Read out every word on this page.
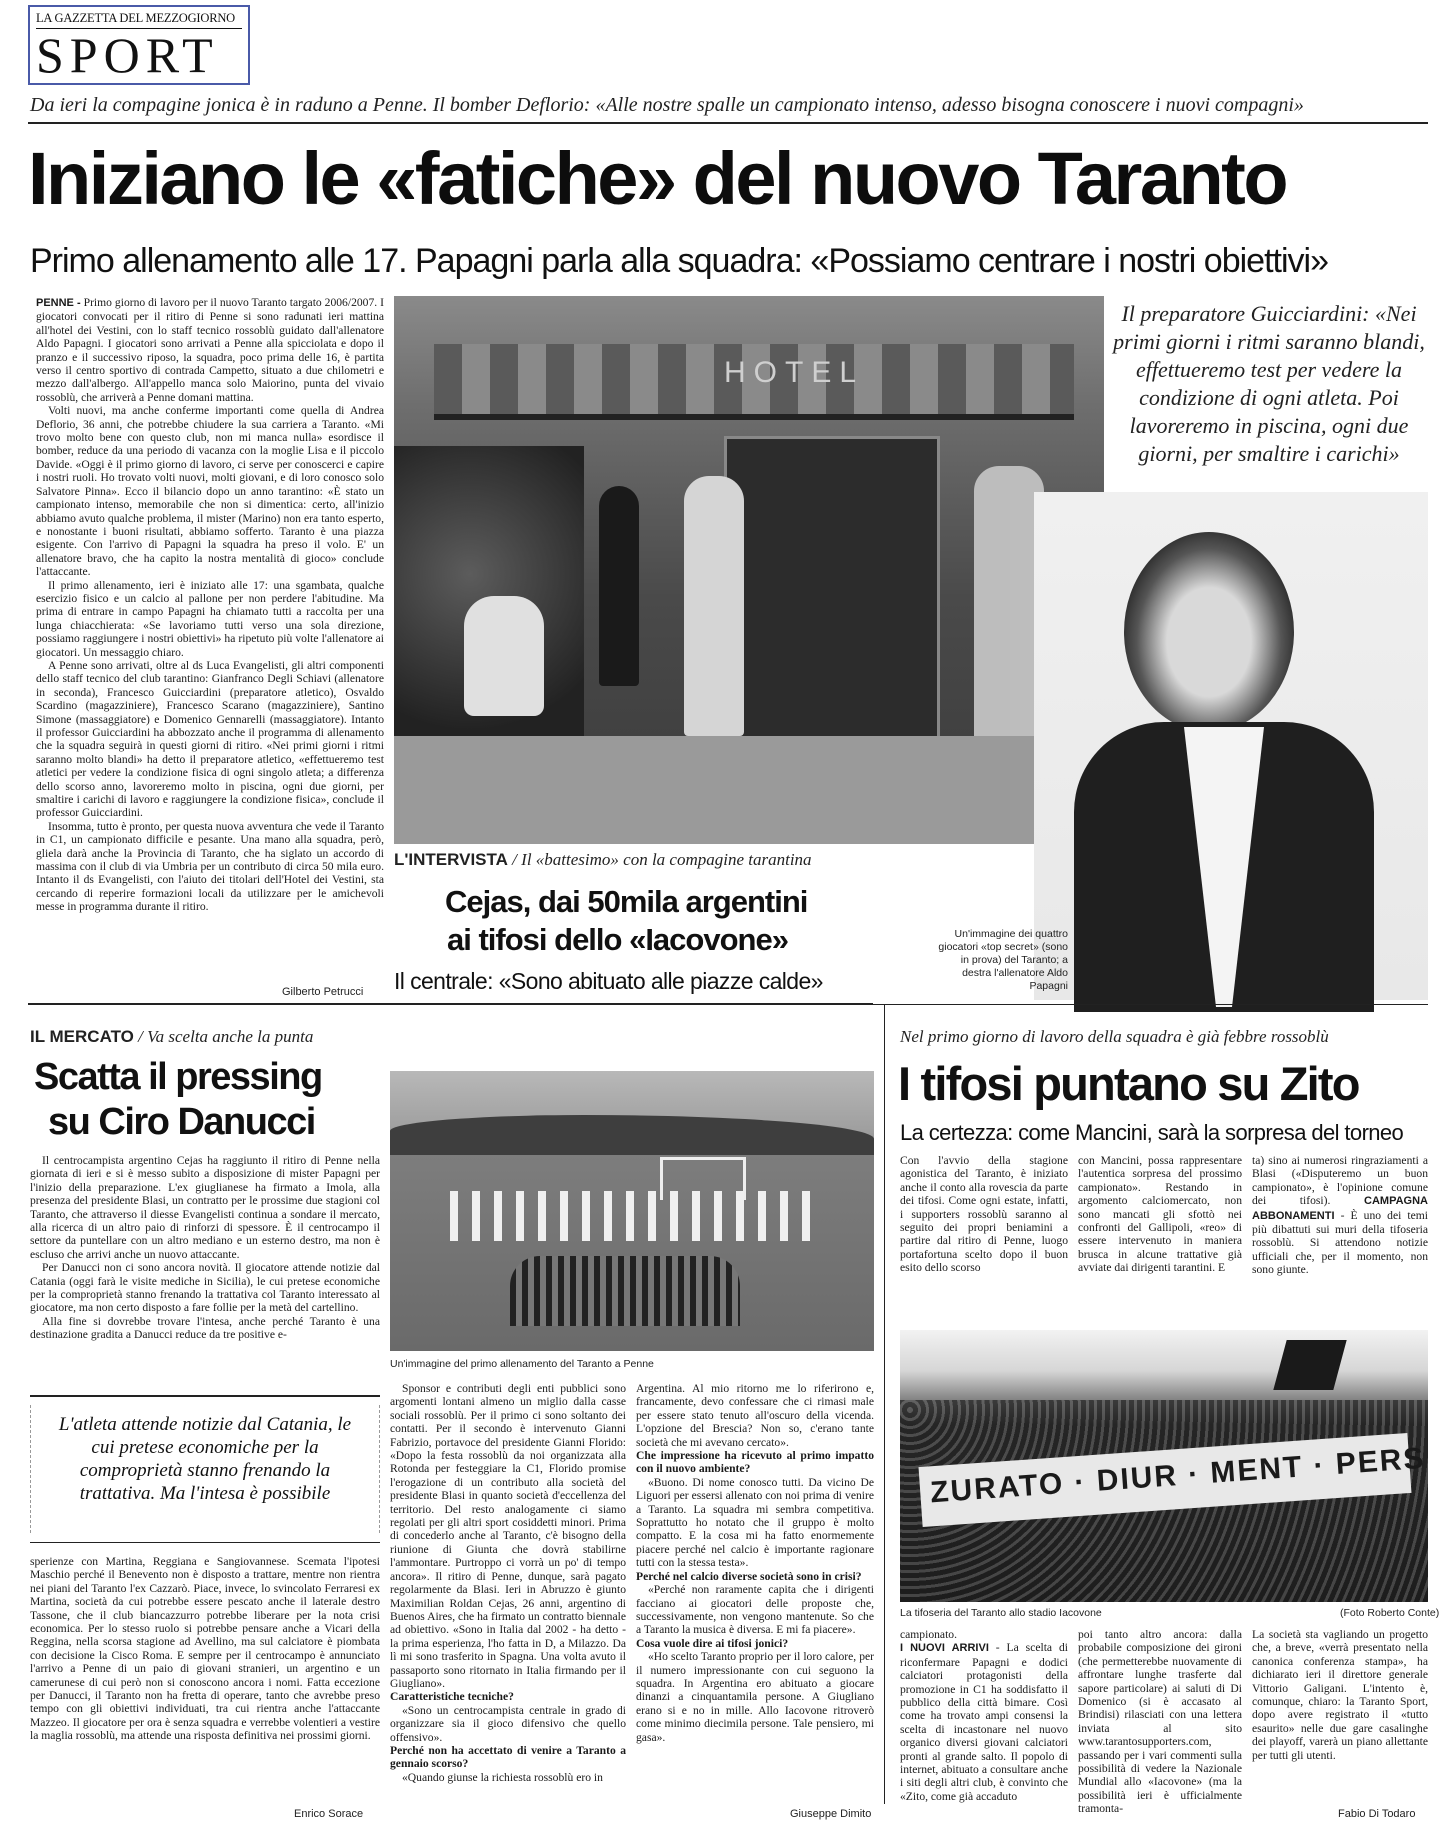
LA GAZZETTA DEL MEZZOGIORNO
SPORT
Da ieri la compagine jonica è in raduno a Penne. Il bomber Deflorio: «Alle nostre spalle un campionato intenso, adesso bisogna conoscere i nuovi compagni»
Iniziano le «fatiche» del nuovo Taranto
Primo allenamento alle 17. Papagni parla alla squadra: «Possiamo centrare i nostri obiettivi»

PENNE - Primo giorno di lavoro per il nuovo Taranto targato 2006/2007. I giocatori convocati per il ritiro di Penne si sono radunati ieri mattina all'hotel dei Vestini, con lo staff tecnico rossoblù guidato dall'allenatore Aldo Papagni. I giocatori sono arrivati a Penne alla spicciolata e dopo il pranzo e il successivo riposo, la squadra, poco prima delle 16, è partita verso il centro sportivo di contrada Campetto, situato a due chilometri e mezzo dall'albergo. All'appello manca solo Maiorino, punta del vivaio rossoblù, che arriverà a Penne domani mattina.

Volti nuovi, ma anche conferme importanti come quella di Andrea Deflorio, 36 anni, che potrebbe chiudere la sua carriera a Taranto. «Mi trovo molto bene con questo club, non mi manca nulla» esordisce il bomber, reduce da una periodo di vacanza con la moglie Lisa e il piccolo Davide. «Oggi è il primo giorno di lavoro, ci serve per conoscerci e capire i nostri ruoli. Ho trovato volti nuovi, molti giovani, e di loro conosco solo Salvatore Pinna». Ecco il bilancio dopo un anno tarantino: «È stato un campionato intenso, memorabile che non si dimentica: certo, all'inizio abbiamo avuto qualche problema, il mister (Marino) non era tanto esperto, e nonostante i buoni risultati, abbiamo sofferto. Taranto è una piazza esigente. Con l'arrivo di Papagni la squadra ha preso il volo. E' un allenatore bravo, che ha capito la nostra mentalità di gioco» conclude l'attaccante.

Il primo allenamento, ieri è iniziato alle 17: una sgambata, qualche esercizio fisico e un calcio al pallone per non perdere l'abitudine. Ma prima di entrare in campo Papagni ha chiamato tutti a raccolta per una lunga chiacchierata: «Se lavoriamo tutti verso una sola direzione, possiamo raggiungere i nostri obiettivi» ha ripetuto più volte l'allenatore ai giocatori. Un messaggio chiaro.

A Penne sono arrivati, oltre al ds Luca Evangelisti, gli altri componenti dello staff tecnico del club tarantino: Gianfranco Degli Schiavi (allenatore in seconda), Francesco Guicciardini (preparatore atletico), Osvaldo Scardino (magazziniere), Francesco Scarano (magazziniere), Santino Simone (massaggiatore) e Domenico Gennarelli (massaggiatore). Intanto il professor Guicciardini ha abbozzato anche il programma di allenamento che la squadra seguirà in questi giorni di ritiro. «Nei primi giorni i ritmi saranno molto blandi» ha detto il preparatore atletico, «effettueremo test atletici per vedere la condizione fisica di ogni singolo atleta; a differenza dello scorso anno, lavoreremo molto in piscina, ogni due giorni, per smaltire i carichi di lavoro e raggiungere la condizione fisica», conclude il professor Guicciardini.

Insomma, tutto è pronto, per questa nuova avventura che vede il Taranto in C1, un campionato difficile e pesante. Una mano alla squadra, però, gliela darà anche la Provincia di Taranto, che ha siglato un accordo di massima con il club di via Umbria per un contributo di circa 50 mila euro. Intanto il ds Evangelisti, con l'aiuto dei titolari dell'Hotel dei Vestini, sta cercando di reperire formazioni locali da utilizzare per le amichevoli messe in programma durante il ritiro.

Gilberto Petrucci
HOTEL
Il preparatore Guicciardini: «Nei primi giorni i ritmi saranno blandi, effettueremo test per vedere la condizione di ogni atleta. Poi lavoreremo in piscina, ogni due giorni, per smaltire i carichi»
Un'immagine dei quattro giocatori «top secret» (sono in prova) del Taranto; a destra l'allenatore Aldo Papagni
L'INTERVISTA / Il «battesimo» con la compagine tarantina
Cejas, dai 50mila argentini
ai tifosi dello «Iacovone»
Il centrale: «Sono abituato alle piazze calde»
IL MERCATO / Va scelta anche la punta
Scatta il pressing
su Ciro Danucci

Il centrocampista argentino Cejas ha raggiunto il ritiro di Penne nella giornata di ieri e si è messo subito a disposizione di mister Papagni per l'inizio della preparazione. L'ex giuglianese ha firmato a Imola, alla presenza del presidente Blasi, un contratto per le prossime due stagioni col Taranto, che attraverso il diesse Evangelisti continua a sondare il mercato, alla ricerca di un altro paio di rinforzi di spessore. È il centrocampo il settore da puntellare con un altro mediano e un esterno destro, ma non è escluso che arrivi anche un nuovo attaccante.

Per Danucci non ci sono ancora novità. Il giocatore attende notizie dal Catania (oggi farà le visite mediche in Sicilia), le cui pretese economiche per la comproprietà stanno frenando la trattativa col Taranto interessato al giocatore, ma non certo disposto a fare follie per la metà del cartellino.

Alla fine si dovrebbe trovare l'intesa, anche perché Taranto è una destinazione gradita a Danucci reduce da tre positive e-

L'atleta attende notizie dal Catania, le cui pretese economiche per la comproprietà stanno frenando la trattativa. Ma l'intesa è possibile

sperienze con Martina, Reggiana e Sangiovannese. Scemata l'ipotesi Maschio perché il Benevento non è disposto a trattare, mentre non rientra nei piani del Taranto l'ex Cazzarò. Piace, invece, lo svincolato Ferraresi ex Martina, società da cui potrebbe essere pescato anche il laterale destro Tassone, che il club biancazzurro potrebbe liberare per la nota crisi economica. Per lo stesso ruolo si potrebbe pensare anche a Vicari della Reggina, nella scorsa stagione ad Avellino, ma sul calciatore è piombata con decisione la Cisco Roma. E sempre per il centrocampo è annunciato l'arrivo a Penne di un paio di giovani stranieri, un argentino e un camerunese di cui però non si conoscono ancora i nomi. Fatta eccezione per Danucci, il Taranto non ha fretta di operare, tanto che avrebbe preso tempo con gli obiettivi individuati, tra cui rientra anche l'attaccante Mazzeo. Il giocatore per ora è senza squadra e verrebbe volentieri a vestire la maglia rossoblù, ma attende una risposta definitiva nei prossimi giorni.

Enrico Sorace
Un'immagine del primo allenamento del Taranto a Penne

Sponsor e contributi degli enti pubblici sono argomenti lontani almeno un miglio dalla casse sociali rossoblù. Per il primo ci sono soltanto dei contatti. Per il secondo è intervenuto Gianni Fabrizio, portavoce del presidente Gianni Florido: «Dopo la festa rossoblù da noi organizzata alla Rotonda per festeggiare la C1, Florido promise l'erogazione di un contributo alla società del presidente Blasi in quanto società d'eccellenza del territorio. Del resto analogamente ci siamo regolati per gli altri sport cosiddetti minori. Prima di concederlo anche al Taranto, c'è bisogno della riunione di Giunta che dovrà stabilirne l'ammontare. Purtroppo ci vorrà un po' di tempo ancora». Il ritiro di Penne, dunque, sarà pagato regolarmente da Blasi. Ieri in Abruzzo è giunto Maximilian Roldan Cejas, 26 anni, argentino di Buenos Aires, che ha firmato un contratto biennale ad obiettivo. «Sono in Italia dal 2002 - ha detto - la prima esperienza, l'ho fatta in D, a Milazzo. Da lì mi sono trasferito in Spagna. Una volta avuto il passaporto sono ritornato in Italia firmando per il Giugliano».

Caratteristiche tecniche?

«Sono un centrocampista centrale in grado di organizzare sia il gioco difensivo che quello offensivo».

Perché non ha accettato di venire a Taranto a gennaio scorso?

«Quando giunse la richiesta rossoblù ero in

Argentina. Al mio ritorno me lo riferirono e, francamente, devo confessare che ci rimasi male per essere stato tenuto all'oscuro della vicenda. L'opzione del Brescia? Non so, c'erano tante società che mi avevano cercato».

Che impressione ha ricevuto al primo impatto con il nuovo ambiente?

«Buono. Di nome conosco tutti. Da vicino De Liguori per essersi allenato con noi prima di venire a Taranto. La squadra mi sembra competitiva. Soprattutto ho notato che il gruppo è molto compatto. E la cosa mi ha fatto enormemente piacere perché nel calcio è importante ragionare tutti con la stessa testa».

Perché nel calcio diverse società sono in crisi?

«Perché non raramente capita che i dirigenti facciano ai giocatori delle proposte che, successivamente, non vengono mantenute. So che a Taranto la musica è diversa. E mi fa piacere».

Cosa vuole dire ai tifosi jonici?

«Ho scelto Taranto proprio per il loro calore, per il numero impressionante con cui seguono la squadra. In Argentina ero abituato a giocare dinanzi a cinquantamila persone. A Giugliano erano si e no in mille. Allo Iacovone ritroverò come minimo diecimila persone. Tale pensiero, mi gasa».

Giuseppe Dimito
Nel primo giorno di lavoro della squadra è già febbre rossoblù
I tifosi puntano su Zito
La certezza: come Mancini, sarà la sorpresa del torneo
Con l'avvio della stagione agonistica del Taranto, è iniziato anche il conto alla rovescia da parte dei tifosi. Come ogni estate, infatti, i supporters rossoblù saranno al seguito dei propri beniamini a partire dal ritiro di Penne, luogo portafortuna scelto dopo il buon esito dello scorso
con Mancini, possa rappresentare l'autentica sorpresa del prossimo campionato». Restando in argomento calciomercato, non sono mancati gli sfottò nei confronti del Gallipoli, «reo» di essere intervenuto in maniera brusca in alcune trattative già avviate dai dirigenti tarantini. E
ta) sino ai numerosi ringraziamenti a Blasi («Disputeremo un buon campionato», è l'opinione comune dei tifosi).	CAMPAGNA ABBONAMENTI - È uno dei temi più dibattuti sui muri della tifoseria rossoblù. Si attendono notizie ufficiali che, per il momento, non sono giunte.
ZURATO · DIUR · MENT · PERS
La tifoseria del Taranto allo stadio Iacovone	(Foto Roberto Conte)
campionato.
I NUOVI ARRIVI - La scelta di riconfermare Papagni e dodici calciatori protagonisti della promozione in C1 ha soddisfatto il pubblico della città bimare. Così come ha trovato ampi consensi la scelta di incastonare nel nuovo organico diversi giovani calciatori pronti al grande salto. Il popolo di internet, abituato a consultare anche i siti degli altri club, è convinto che «Zito, come già accaduto
poi tanto altro ancora: dalla probabile composizione dei gironi (che permetterebbe nuovamente di affrontare lunghe trasferte dal sapore particolare) ai saluti di Di Domenico (si è accasato al Brindisi) rilasciati con una lettera inviata al sito www.tarantosupporters.com, passando per i vari commenti sulla possibilità di vedere la Nazionale Mundial allo «Iacovone» (ma la possibilità ieri è ufficialmente tramonta-
La società sta vagliando un progetto che, a breve, «verrà presentato nella canonica conferenza stampa», ha dichiarato ieri il direttore generale Vittorio Galigani. L'intento è, comunque, chiaro: la Taranto Sport, dopo avere registrato il «tutto esaurito» nelle due gare casalinghe dei playoff, varerà un piano allettante per tutti gli utenti.
Fabio Di Todaro
